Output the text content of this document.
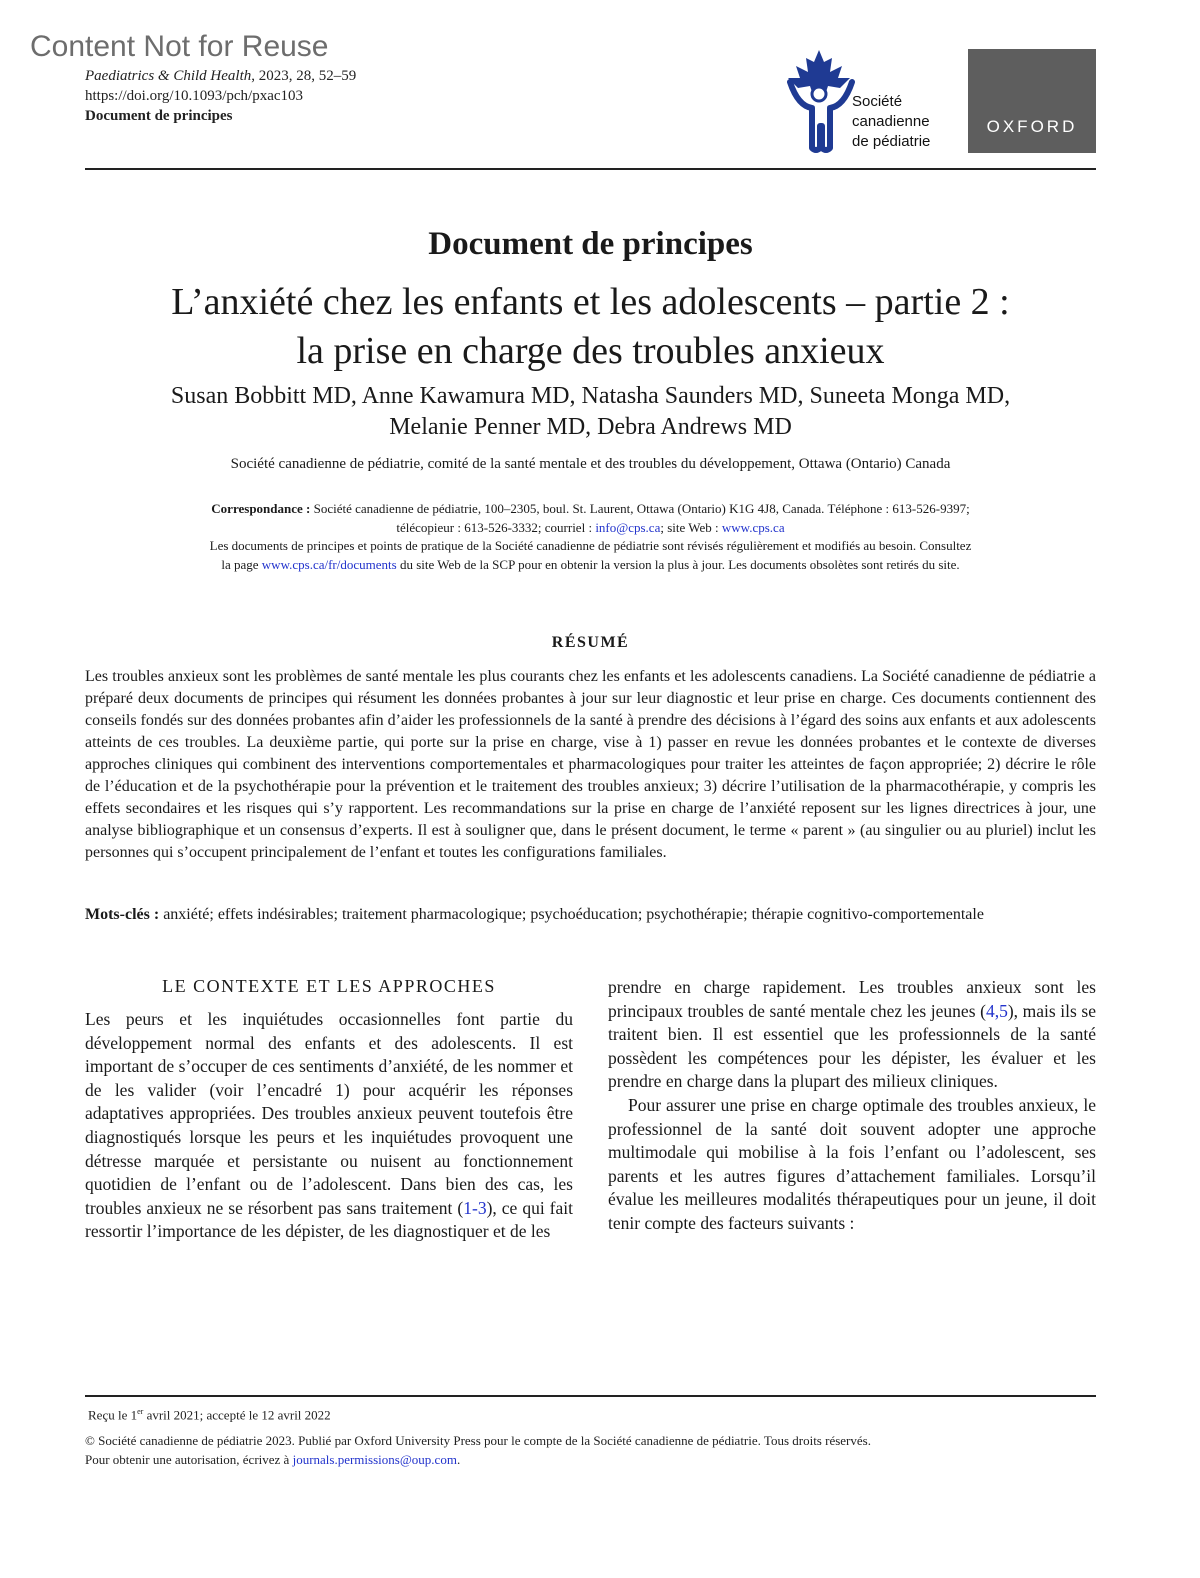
Content Not for Reuse
Paediatrics & Child Health, 2023, 28, 52–59
https://doi.org/10.1093/pch/pxac103
Document de principes
Société
canadienne
de pédiatrie
OXFORD
Document de principes
L’anxiété chez les enfants et les adolescents – partie 2 :
la prise en charge des troubles anxieux
Susan Bobbitt MD, Anne Kawamura MD, Natasha Saunders MD, Suneeta Monga MD,
Melanie Penner MD, Debra Andrews MD
Société canadienne de pédiatrie, comité de la santé mentale et des troubles du développement, Ottawa (Ontario) Canada
Correspondance : Société canadienne de pédiatrie, 100–2305, boul. St. Laurent, Ottawa (Ontario) K1G 4J8, Canada. Téléphone : 613-526-9397;
télécopieur : 613-526-3332; courriel : info@cps.ca; site Web : www.cps.ca
Les documents de principes et points de pratique de la Société canadienne de pédiatrie sont révisés régulièrement et modifiés au besoin. Consultez
la page www.cps.ca/fr/documents du site Web de la SCP pour en obtenir la version la plus à jour. Les documents obsolètes sont retirés du site.
RÉSUMÉ
Les troubles anxieux sont les problèmes de santé mentale les plus courants chez les enfants et les adolescents canadiens. La Société canadienne de pédiatrie a préparé deux documents de principes qui résument les données probantes à jour sur leur diagnostic et leur prise en charge. Ces documents contiennent des conseils fondés sur des données probantes afin d’aider les professionnels de la santé à prendre des décisions à l’égard des soins aux enfants et aux adolescents atteints de ces troubles. La deuxième partie, qui porte sur la prise en charge, vise à 1) passer en revue les données probantes et le contexte de diverses approches cliniques qui combinent des interventions comportementales et pharmacologiques pour traiter les atteintes de façon appropriée; 2) décrire le rôle de l’éducation et de la psychothérapie pour la prévention et le traitement des troubles anxieux; 3) décrire l’utilisation de la pharmacothérapie, y compris les effets secondaires et les risques qui s’y rapportent. Les recommandations sur la prise en charge de l’anxiété reposent sur les lignes directrices à jour, une analyse bibliographique et un consensus d’experts. Il est à souligner que, dans le présent document, le terme « parent » (au singulier ou au pluriel) inclut les personnes qui s’occupent principalement de l’enfant et toutes les configurations familiales.
Mots-clés : anxiété; effets indésirables; traitement pharmacologique; psychoéducation; psychothérapie; thérapie cognitivo-comportementale
LE CONTEXTE ET LES APPROCHES
Les peurs et les inquiétudes occasionnelles font partie du développement normal des enfants et des adolescents. Il est important de s’occuper de ces sentiments d’anxiété, de les nommer et de les valider (voir l’encadré 1) pour acquérir les réponses adaptatives appropriées. Des troubles anxieux peuvent toutefois être diagnostiqués lorsque les peurs et les inquiétudes provoquent une détresse marquée et persistante ou nuisent au fonctionnement quotidien de l’enfant ou de l’adolescent. Dans bien des cas, les troubles anxieux ne se résorbent pas sans traitement (1-3), ce qui fait ressortir l’importance de les dépister, de les diagnostiquer et de les

prendre en charge rapidement. Les troubles anxieux sont les principaux troubles de santé mentale chez les jeunes (4,5), mais ils se traitent bien. Il est essentiel que les professionnels de la santé possèdent les compétences pour les dépister, les évaluer et les prendre en charge dans la plupart des milieux cliniques.

Pour assurer une prise en charge optimale des troubles anxieux, le professionnel de la santé doit souvent adopter une approche multimodale qui mobilise à la fois l’enfant ou l’adolescent, ses parents et les autres figures d’attachement familiales. Lorsqu’il évalue les meilleures modalités thérapeutiques pour un jeune, il doit tenir compte des facteurs suivants :

Reçu le 1er avril 2021; accepté le 12 avril 2022
© Société canadienne de pédiatrie 2023. Publié par Oxford University Press pour le compte de la Société canadienne de pédiatrie. Tous droits réservés.
Pour obtenir une autorisation, écrivez à journals.permissions@oup.com.
